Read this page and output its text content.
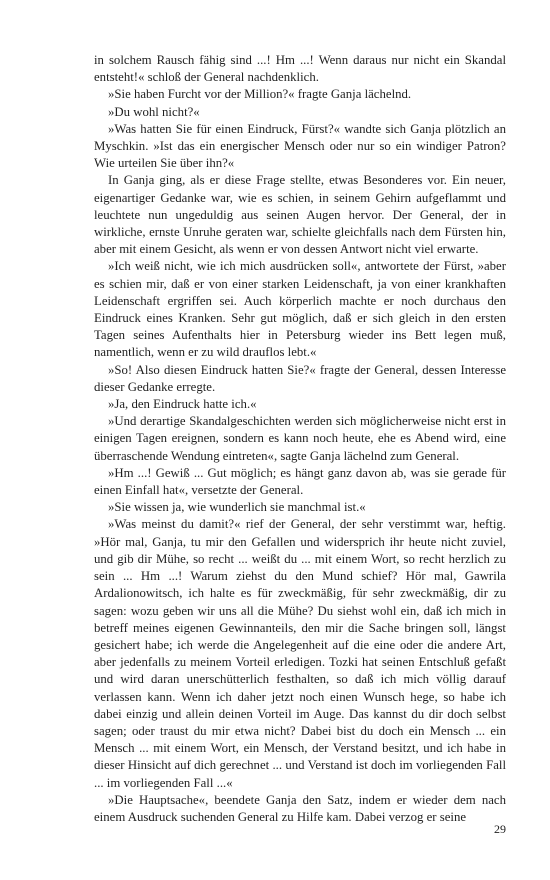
in solchem Rausch fähig sind ...! Hm ...! Wenn daraus nur nicht ein Skandal entsteht!« schloß der General nachdenklich.

»Sie haben Furcht vor der Million?« fragte Ganja lächelnd.

»Du wohl nicht?«

»Was hatten Sie für einen Eindruck, Fürst?« wandte sich Ganja plötzlich an Myschkin. »Ist das ein energischer Mensch oder nur so ein windiger Patron? Wie urteilen Sie über ihn?«

In Ganja ging, als er diese Frage stellte, etwas Besonderes vor. Ein neuer, eigenartiger Gedanke war, wie es schien, in seinem Gehirn aufgeflammt und leuchtete nun ungeduldig aus seinen Augen hervor. Der General, der in wirkliche, ernste Unruhe geraten war, schielte gleichfalls nach dem Fürsten hin, aber mit einem Gesicht, als wenn er von dessen Antwort nicht viel erwarte.

»Ich weiß nicht, wie ich mich ausdrücken soll«, antwortete der Fürst, »aber es schien mir, daß er von einer starken Leidenschaft, ja von einer krankhaften Leidenschaft ergriffen sei. Auch körperlich machte er noch durchaus den Eindruck eines Kranken. Sehr gut möglich, daß er sich gleich in den ersten Tagen seines Aufenthalts hier in Petersburg wieder ins Bett legen muß, namentlich, wenn er zu wild drauflos lebt.«

»So! Also diesen Eindruck hatten Sie?« fragte der General, dessen Interesse dieser Gedanke erregte.

»Ja, den Eindruck hatte ich.«

»Und derartige Skandalgeschichten werden sich möglicherweise nicht erst in einigen Tagen ereignen, sondern es kann noch heute, ehe es Abend wird, eine überraschende Wendung eintreten«, sagte Ganja lächelnd zum General.

»Hm ...! Gewiß ... Gut möglich; es hängt ganz davon ab, was sie gerade für einen Einfall hat«, versetzte der General.

»Sie wissen ja, wie wunderlich sie manchmal ist.«

»Was meinst du damit?« rief der General, der sehr verstimmt war, heftig. »Hör mal, Ganja, tu mir den Gefallen und widersprich ihr heute nicht zuviel, und gib dir Mühe, so recht ... weißt du ... mit einem Wort, so recht herzlich zu sein ... Hm ...! Warum ziehst du den Mund schief? Hör mal, Gawrila Ardalionowitsch, ich halte es für zweckmäßig, für sehr zweckmäßig, dir zu sagen: wozu geben wir uns all die Mühe? Du siehst wohl ein, daß ich mich in betreff meines eigenen Gewinnanteils, den mir die Sache bringen soll, längst gesichert habe; ich werde die Angelegenheit auf die eine oder die andere Art, aber jedenfalls zu meinem Vorteil erledigen. Tozki hat seinen Entschluß gefaßt und wird daran unerschütterlich festhalten, so daß ich mich völlig darauf verlassen kann. Wenn ich daher jetzt noch einen Wunsch hege, so habe ich dabei einzig und allein deinen Vorteil im Auge. Das kannst du dir doch selbst sagen; oder traust du mir etwa nicht? Dabei bist du doch ein Mensch ... ein Mensch ... mit einem Wort, ein Mensch, der Verstand besitzt, und ich habe in dieser Hinsicht auf dich gerechnet ... und Verstand ist doch im vorliegenden Fall ... im vorliegenden Fall ...«

»Die Hauptsache«, beendete Ganja den Satz, indem er wieder dem nach einem Ausdruck suchenden General zu Hilfe kam. Dabei verzog er seine

29
